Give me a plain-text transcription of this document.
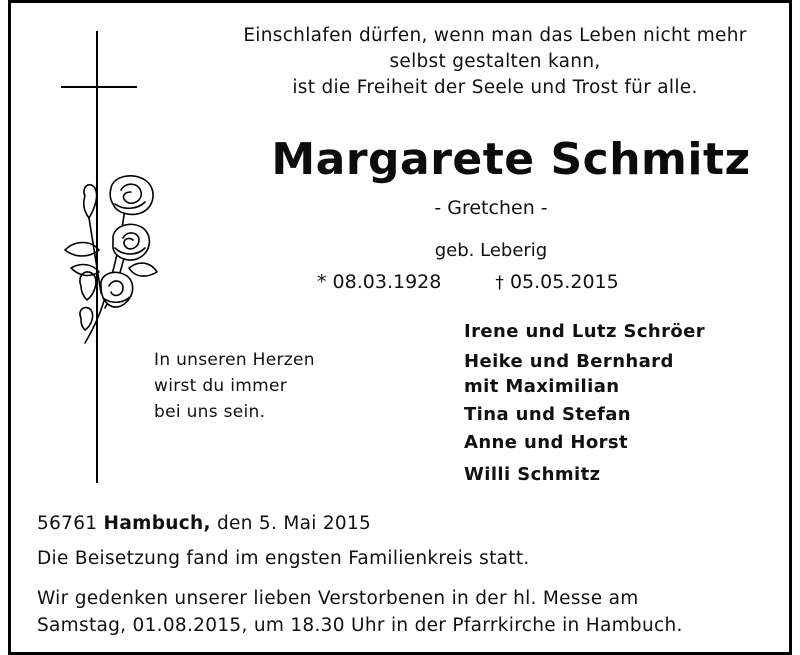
Einschlafen dürfen, wenn man das Leben nicht mehr
selbst gestalten kann,
ist die Freiheit der Seele und Trost für alle.
Margarete Schmitz
- Gretchen -
geb. Leberig
* 08.03.1928	† 05.05.2015
In unseren Herzen
wirst du immer
bei uns sein.
Irene und Lutz Schröer
Heike und Bernhard
mit Maximilian
Tina und Stefan
Anne und Horst
Willi Schmitz
56761 Hambuch, den 5. Mai 2015
Die Beisetzung fand im engsten Familienkreis statt.
Wir gedenken unserer lieben Verstorbenen in der hl. Messe am
Samstag, 01.08.2015, um 18.30 Uhr in der Pfarrkirche in Hambuch.
